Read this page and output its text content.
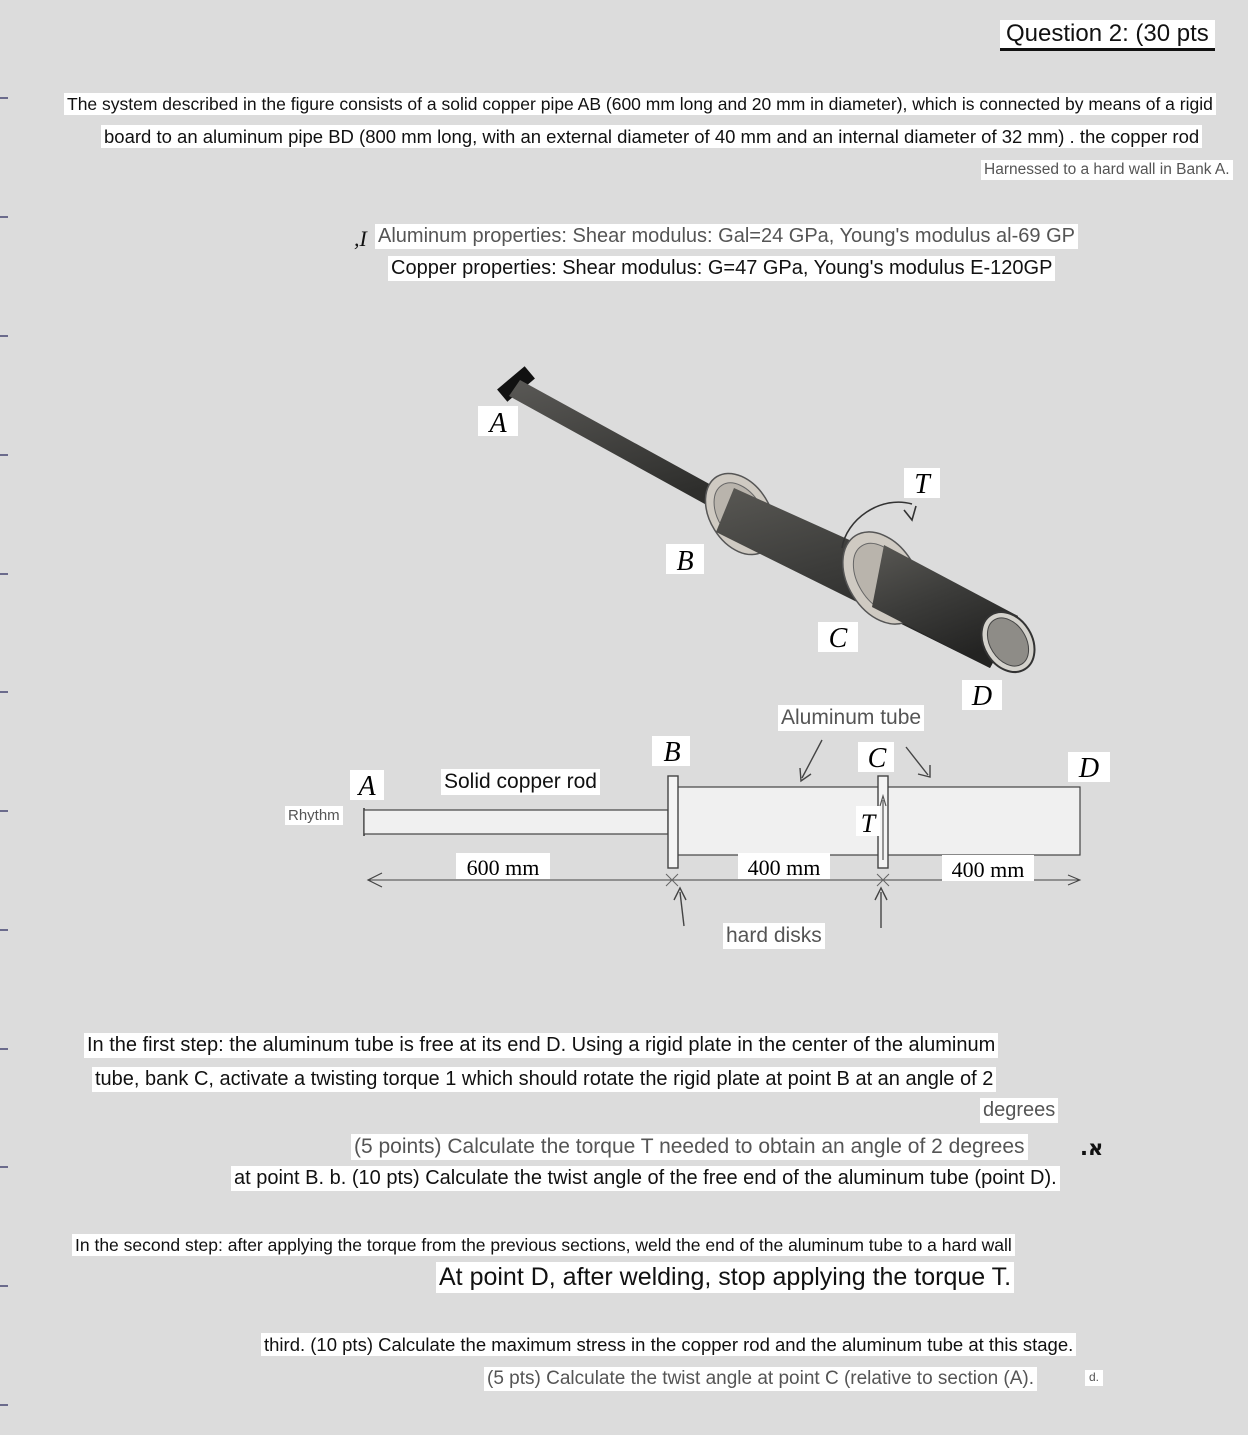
Question 2: (30 pts
The system described in the figure consists of a solid copper pipe AB (600 mm long and 20 mm in diameter), which is connected by means of a rigid
board to an aluminum pipe BD (800 mm long, with an external diameter of 40 mm and an internal diameter of 32 mm) . the copper rod
Harnessed to a hard wall in Bank A.
,I Aluminum properties: Shear modulus: Gal=24 GPa, Young's modulus al-69 GP
Copper properties: Shear modulus: G=47 GPa, Young's modulus E-120GP
A
B
C
T
D
A
B	C
T
D
600 mm	400 mm	400 mm
Aluminum tube
Solid copper rod
Rhythm
hard disks
In the first step: the aluminum tube is free at its end D. Using a rigid plate in the center of the aluminum
tube, bank C, activate a twisting torque 1 which should rotate the rigid plate at point B at an angle of 2
degrees
(5 points) Calculate the torque T needed to obtain an angle of 2 degrees	.א
at point B. b. (10 pts) Calculate the twist angle of the free end of the aluminum tube (point D).
In the second step: after applying the torque from the previous sections, weld the end of the aluminum tube to a hard wall
At point D, after welding, stop applying the torque T.
third. (10 pts) Calculate the maximum stress in the copper rod and the aluminum tube at this stage.
(5 pts) Calculate the twist angle at point C (relative to section (A).	d.
